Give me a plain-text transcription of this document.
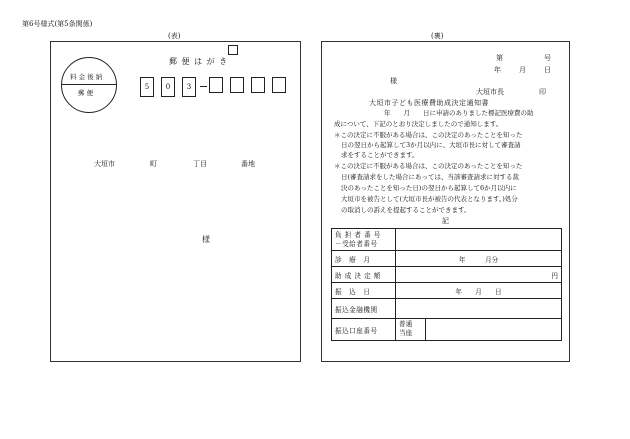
第6号様式(第5条関係)
(表)
郵 便 は が き
料 金 後 納
郵 便
5	0	3
大垣市	町	丁目	番地
様
(裏)
第	号
年	月	日
様
大垣市長	印
大垣市子ども医療費助成決定通知書
年　　月　　日に申請のありました標記医療費の助
成について、下記のとおり決定しましたので通知します。
＊この決定に不服がある場合は、この決定のあったことを知った
日の翌日から起算して3か月以内に、大垣市長に対して審査請
求をすることができます。
＊この決定に不服がある場合は、この決定のあったことを知った
日(審査請求をした場合にあっては、当該審査請求に対する裁
決のあったことを知った日)の翌日から起算して6か月以内に
大垣市を被告として(大垣市長が被告の代表となります。)処分
の取消しの訴えを提起することができます。
記
負 担 者 番 号
－受給者番号	

診　療　月	年　　　月分
助 成 決 定 額	円
振　込　日	年　　月　　日
振込金融機関	
振込口座番号	普通
当座
